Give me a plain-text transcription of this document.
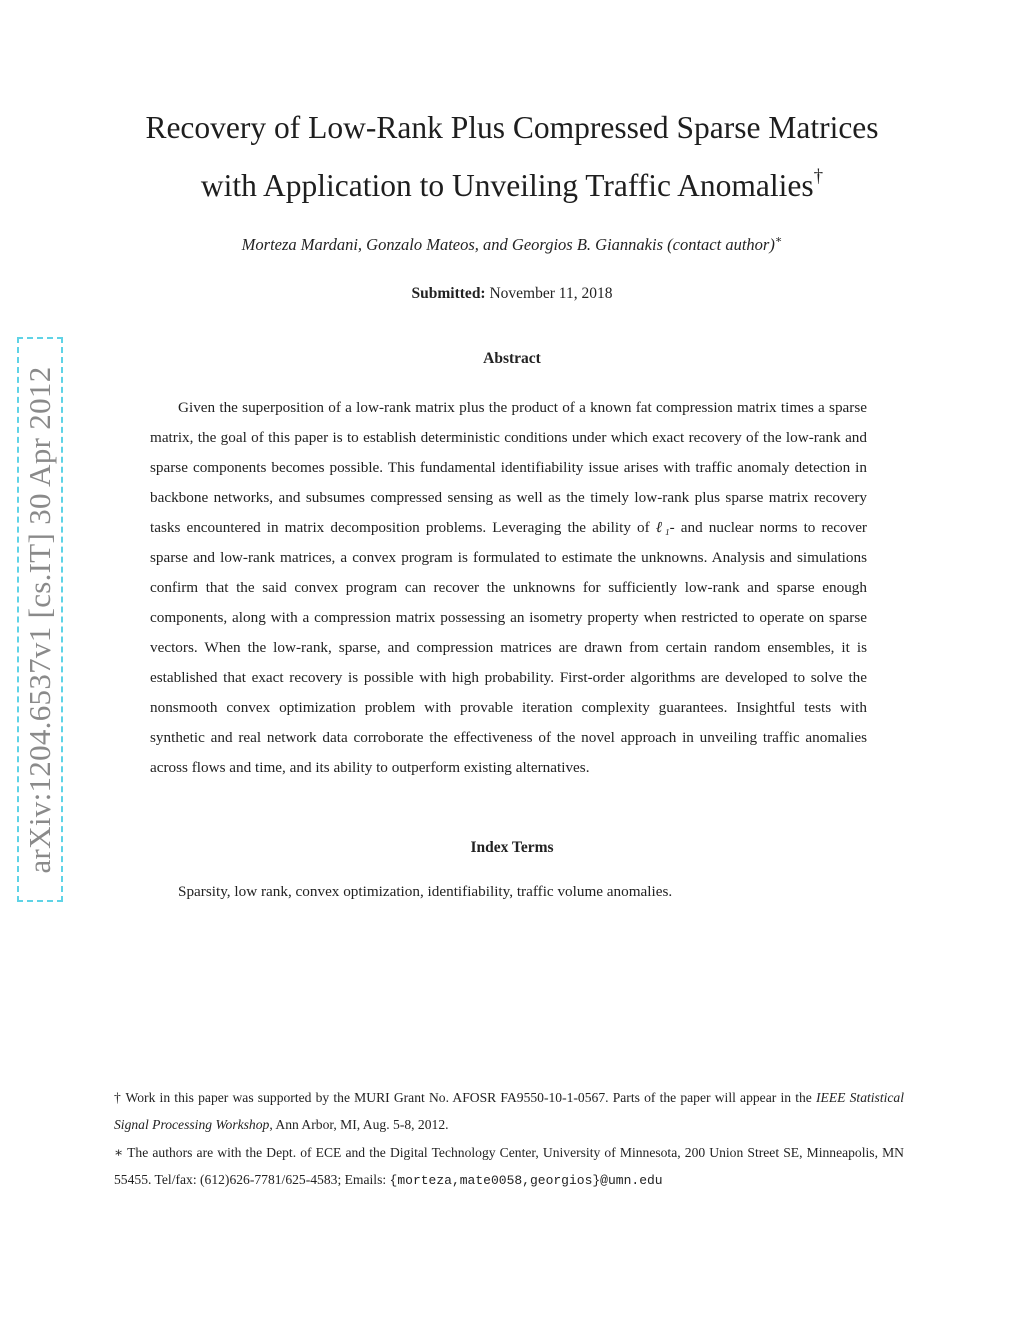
arXiv:1204.6537v1 [cs.IT] 30 Apr 2012
Recovery of Low-Rank Plus Compressed Sparse Matrices
with Application to Unveiling Traffic Anomalies†
Morteza Mardani, Gonzalo Mateos, and Georgios B. Giannakis (contact author)∗
Submitted: November 11, 2018
Abstract
Given the superposition of a low-rank matrix plus the product of a known fat compression matrix times a sparse matrix, the goal of this paper is to establish deterministic conditions under which exact recovery of the low-rank and sparse components becomes possible. This fundamental identifiability issue arises with traffic anomaly detection in backbone networks, and subsumes compressed sensing as well as the timely low-rank plus sparse matrix recovery tasks encountered in matrix decomposition problems. Leveraging the ability of ℓ₁- and nuclear norms to recover sparse and low-rank matrices, a convex program is formulated to estimate the unknowns. Analysis and simulations confirm that the said convex program can recover the unknowns for sufficiently low-rank and sparse enough components, along with a compression matrix possessing an isometry property when restricted to operate on sparse vectors. When the low-rank, sparse, and compression matrices are drawn from certain random ensembles, it is established that exact recovery is possible with high probability. First-order algorithms are developed to solve the nonsmooth convex optimization problem with provable iteration complexity guarantees. Insightful tests with synthetic and real network data corroborate the effectiveness of the novel approach in unveiling traffic anomalies across flows and time, and its ability to outperform existing alternatives.
Index Terms
Sparsity, low rank, convex optimization, identifiability, traffic volume anomalies.
† Work in this paper was supported by the MURI Grant No. AFOSR FA9550-10-1-0567. Parts of the paper will appear in the IEEE Statistical Signal Processing Workshop, Ann Arbor, MI, Aug. 5-8, 2012.
∗ The authors are with the Dept. of ECE and the Digital Technology Center, University of Minnesota, 200 Union Street SE, Minneapolis, MN 55455. Tel/fax: (612)626-7781/625-4583; Emails: {morteza,mate0058,georgios}@umn.edu
